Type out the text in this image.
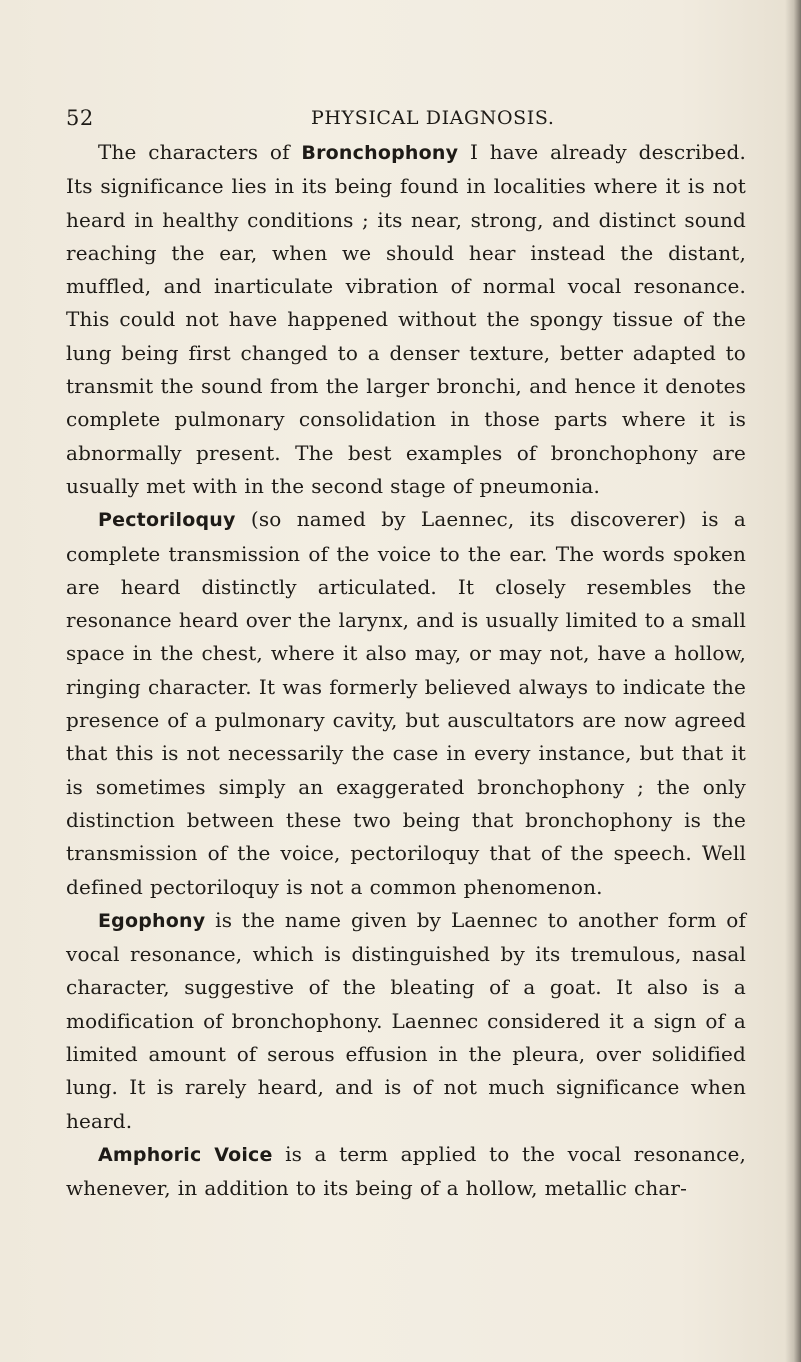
52	PHYSICAL DIAGNOSIS.

The characters of Bronchophony I have already described. Its significance lies in its being found in localities where it is not heard in healthy conditions ; its near, strong, and distinct sound reaching the ear, when we should hear instead the distant, muffled, and inarticulate vibration of normal vocal resonance. This could not have happened without the spongy tissue of the lung being first changed to a denser texture, better adapted to transmit the sound from the larger bronchi, and hence it denotes complete pulmonary consolidation in those parts where it is abnormally present. The best examples of bronchophony are usually met with in the second stage of pneumonia.

Pectoriloquy (so named by Laennec, its discoverer) is a complete transmission of the voice to the ear. The words spoken are heard distinctly articulated. It closely resembles the resonance heard over the larynx, and is usually limited to a small space in the chest, where it also may, or may not, have a hollow, ringing character. It was formerly believed always to indicate the presence of a pulmonary cavity, but auscultators are now agreed that this is not necessarily the case in every instance, but that it is sometimes simply an exaggerated bronchophony ; the only distinction between these two being that bronchophony is the transmission of the voice, pectoriloquy that of the speech. Well defined pectoriloquy is not a common phenomenon.

Egophony is the name given by Laennec to another form of vocal resonance, which is distinguished by its tremulous, nasal character, suggestive of the bleating of a goat. It also is a modification of bronchophony. Laennec considered it a sign of a limited amount of serous effusion in the pleura, over solidified lung. It is rarely heard, and is of not much significance when heard.

Amphoric Voice is a term applied to the vocal resonance, whenever, in addition to its being of a hollow, metallic char-
